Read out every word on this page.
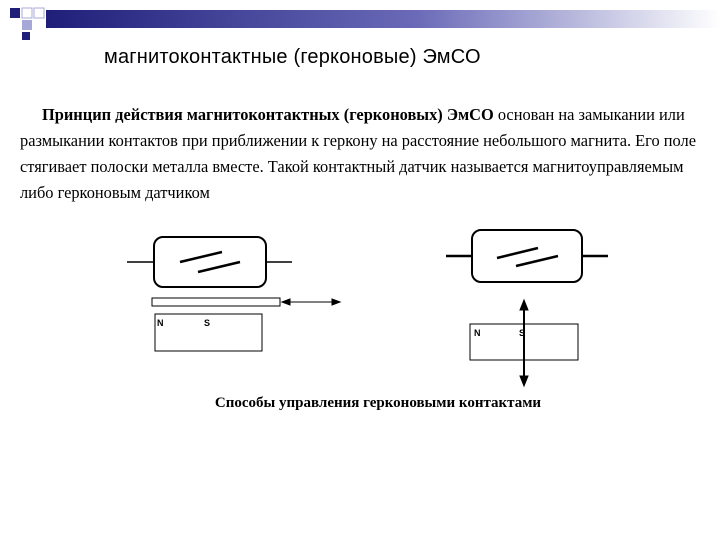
магнитоконтактные (герконовые) ЭмСО
Принцип действия магнитоконтактных (герконовых) ЭмСО основан на замыкании или размыкании контактов при приближении к геркону на расстояние небольшого магнита. Его поле стягивает полоски металла вместе. Такой контактный датчик называется магнитоуправляемым либо герконовым датчиком
N	S
N	S
Способы управления герконовыми контактами
